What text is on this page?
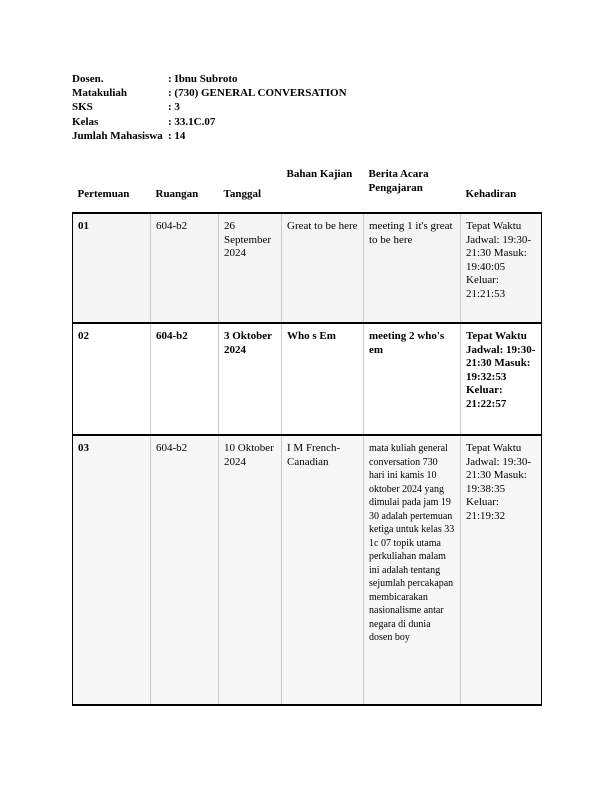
Dosen.	: Ibnu Subroto
Matakuliah	: (730) GENERAL CONVERSATION
SKS	: 3
Kelas	: 33.1C.07
Jumlah Mahasiswa : 14
Pertemuan	Ruangan	Tanggal	Bahan Kajian	Berita Acara Pengajaran	Kehadiran
01	604-b2	26 September 2024	Great to be here	meeting 1 it's great to be here	Tepat Waktu Jadwal: 19:30-21:30 Masuk: 19:40:05 Keluar: 21:21:53
02	604-b2	3 Oktober 2024	Who s Em	meeting 2 who's em	Tepat Waktu Jadwal: 19:30-21:30 Masuk: 19:32:53 Keluar: 21:22:57
03	604-b2	10 Oktober 2024	I M French-Canadian	mata kuliah general conversation 730 hari ini kamis 10 oktober 2024 yang dimulai pada jam 19 30 adalah pertemuan ketiga untuk kelas 33 1c 07 topik utama perkuliahan malam ini adalah tentang sejumlah percakapan membicarakan nasionalisme antar negara di dunia dosen boy	Tepat Waktu Jadwal: 19:30-21:30 Masuk: 19:38:35 Keluar: 21:19:32
